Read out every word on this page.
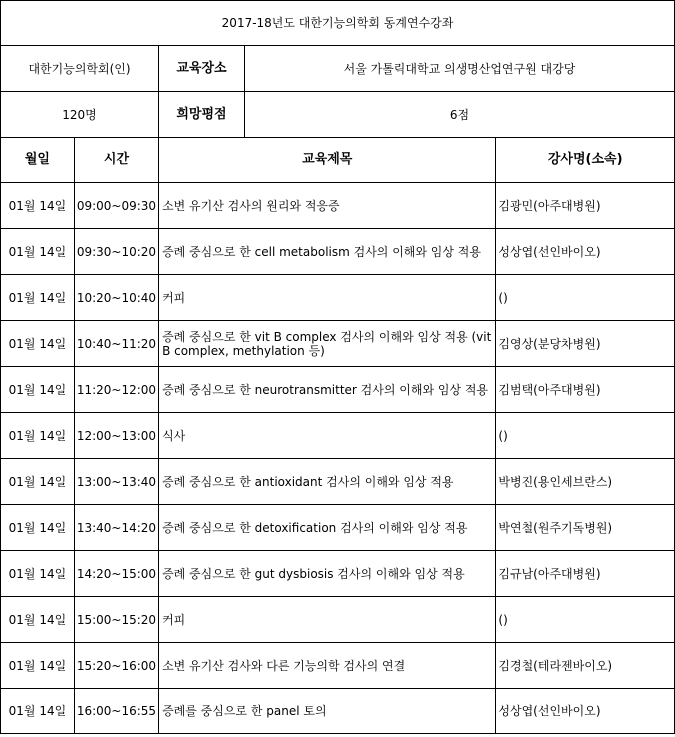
2017-18년도 대한기능의학회 동계연수강좌				
대한기능의학회(인)		교육장소	서울 가톨릭대학교 의생명산업연구원 대강당	
120명		희망평점	6점	
월일	시간	교육제목		강사명(소속)
01월 14일	09:00~09:30	소변 유기산 검사의 원리와 적응증		김광민(아주대병원)
01월 14일	09:30~10:20	증례 중심으로 한 cell metabolism 검사의 이해와 임상 적용		성상엽(선인바이오)
01월 14일	10:20~10:40	커피		()
01월 14일	10:40~11:20	증례 중심으로 한 vit B complex 검사의 이해와 임상 적용 (vit B complex, methylation 등)		김영상(분당차병원)
01월 14일	11:20~12:00	증례 중심으로 한 neurotransmitter 검사의 이해와 임상 적용		김범택(아주대병원)
01월 14일	12:00~13:00	식사		()
01월 14일	13:00~13:40	증례 중심으로 한 antioxidant 검사의 이해와 임상 적용		박병진(용인세브란스)
01월 14일	13:40~14:20	증례 중심으로 한 detoxification 검사의 이해와 임상 적용		박연철(원주기독병원)
01월 14일	14:20~15:00	증례 중심으로 한 gut dysbiosis 검사의 이해와 임상 적용		김규남(아주대병원)
01월 14일	15:00~15:20	커피		()
01월 14일	15:20~16:00	소변 유기산 검사와 다른 기능의학 검사의 연결		김경철(테라젠바이오)
01월 14일	16:00~16:55	증례를 중심으로 한 panel 토의		성상엽(선인바이오)
